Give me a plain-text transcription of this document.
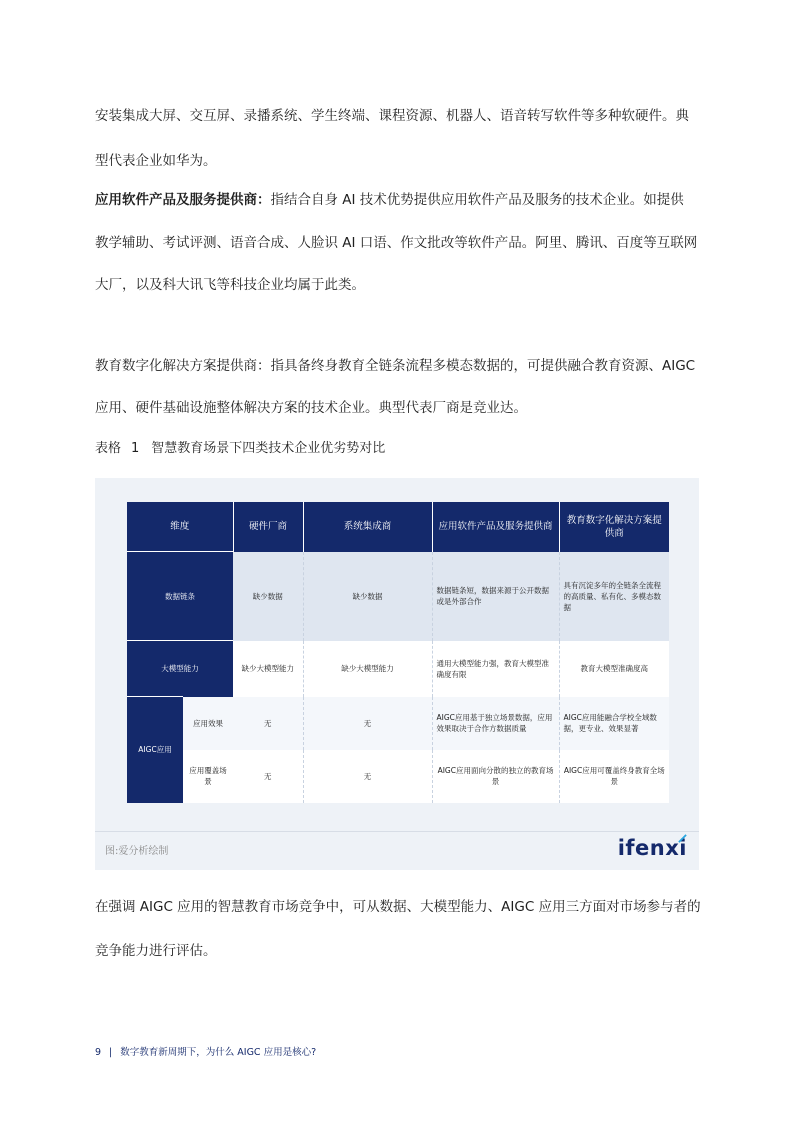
安装集成大屏、交互屏、录播系统、学生终端、课程资源、机器人、语音转写软件等多种软硬件。典
型代表企业如华为。
应用软件产品及服务提供商：指结合自身 AI 技术优势提供应用软件产品及服务的技术企业。如提供
教学辅助、考试评测、语音合成、人脸识 AI 口语、作文批改等软件产品。阿里、腾讯、百度等互联网
大厂，以及科大讯飞等科技企业均属于此类。
教育数字化解决方案提供商：指具备终身教育全链条流程多模态数据的，可提供融合教育资源、AIGC
应用、硬件基础设施整体解决方案的技术企业。典型代表厂商是竞业达。
表格 1 智慧教育场景下四类技术企业优劣势对比
维度		硬件厂商	系统集成商	应用软件产品及服务提供商	教育数字化解决方案提供商
数据链条		缺少数据	缺少数据	数据链条短，数据来源于公开数据或是外部合作	具有沉淀多年的全链条全流程的高质量、私有化、多模态数据
大模型能力		缺少大模型能力	缺少大模型能力	通用大模型能力强，教育大模型准确度有限	教育大模型准确度高
AIGC应用	应用效果	无	无	AIGC应用基于独立场景数据，应用效果取决于合作方数据质量	AIGC应用能融合学校全域数据，更专业、效果显著
	应用覆盖场景	无	无	AIGC应用面向分散的独立的教育场景	AIGC应用可覆盖终身教育全场景
图:爱分析绘制	ifenxi
在强调 AIGC 应用的智慧教育市场竞争中，可从数据、大模型能力、AIGC 应用三方面对市场参与者的
竞争能力进行评估。
9 | 数字教育新周期下，为什么 AIGC 应用是核心?
